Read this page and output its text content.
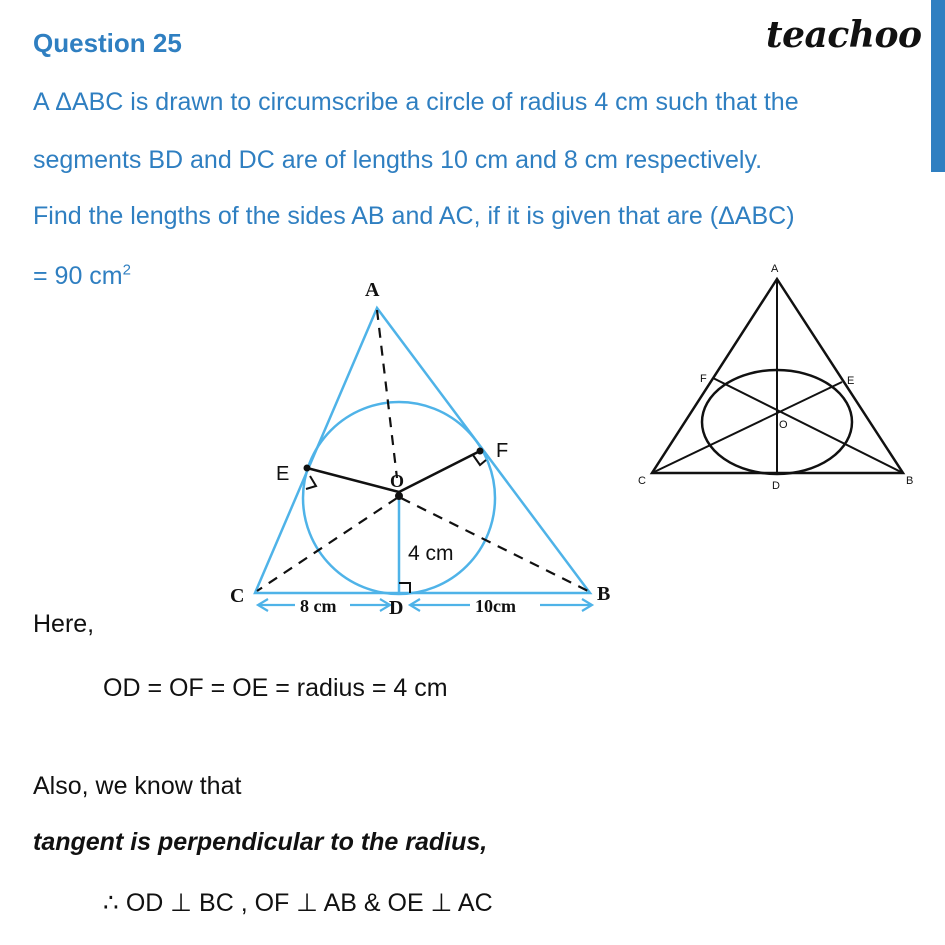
Question 25	teachoo
A ΔABC is drawn to circumscribe a circle of radius 4 cm such that the
segments BD and DC are of lengths 10 cm and 8 cm respectively.
Find the lengths of the sides AB and AC, if it is given that are (ΔABC)
= 90 $cm^2$
A
B
C
D
O
E
F
4 cm
8 cm	10cm
A
B
C	D
E
F
O
Here,
OD = OF = OE = radius = 4 cm
Also, we know that
tangent is perpendicular to the radius,
∴ OD ⊥ BC , OF ⊥ AB & OE ⊥ AC
